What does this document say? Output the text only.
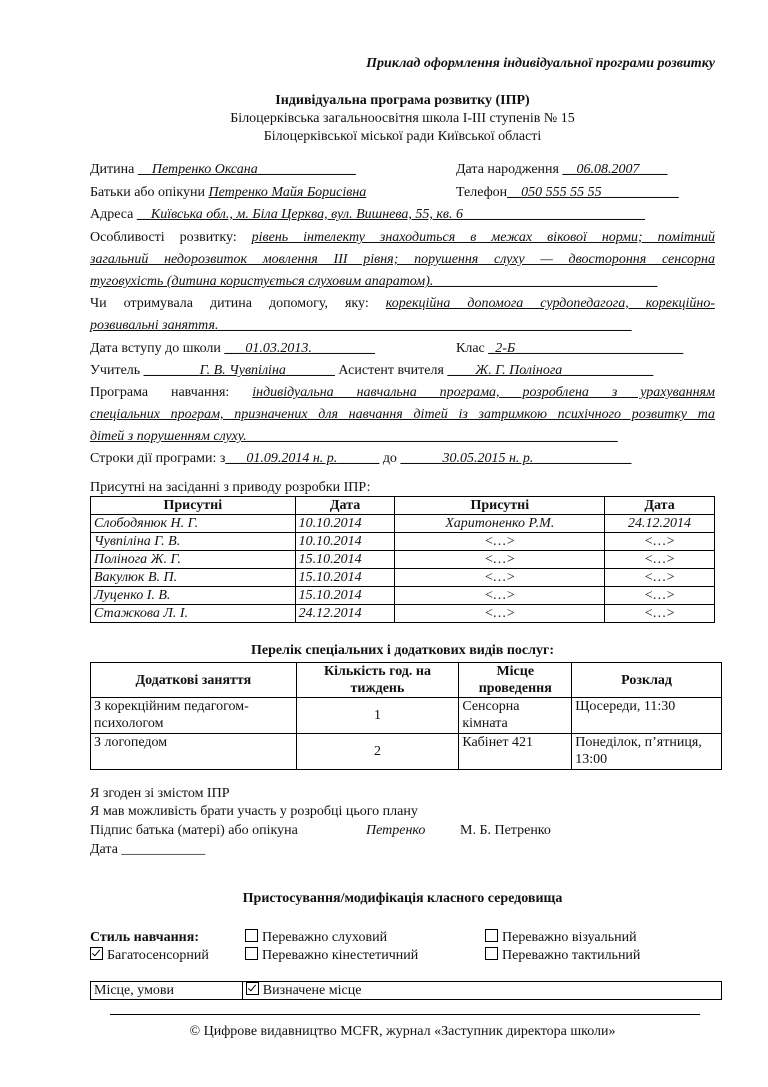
Приклад оформлення індивідуальної програми розвитку
Індивідуальна програма розвитку (ІПР)
Білоцерківська загальноосвітня школа І-ІІІ ступенів № 15
Білоцерківської міської ради Київської області
Дитина Петренко Оксана______________	Дата народження __06.08.2007____
Батьки або опікуни Петренко Майя Борисівна	Телефон__050 555 55 55___________
Адреса __Київська обл., м. Біла Церква, вул. Вишнева, 55, кв. 6__________________________
Особливості розвитку: рівень інтелекту знаходиться в межах вікової норми; помітний
загальний недорозвиток мовлення ІІІ рівня; порушення слуху — двостороння сенсорна
туговухість (дитина користується слуховим апаратом).________________________________
Чи отримувала дитина допомогу, яку: корекційна допомога сурдопедагога, корекційно-
розвивальні заняття.___________________________________________________________
Дата вступу до школи ___01.03.2013._________	Клас _2-Б________________________
Учитель ________Г. В. Чувпіліна_______ Асистент вчителя ____Ж. Г. Полінога_____________
Програма навчання: індивідуальна навчальна програма, розроблена з урахуванням
спеціальних програм, призначених для навчання дітей із затримкою психічного розвитку та
дітей з порушенням слуху._____________________________________________________
Строки дії програми: з___01.09.2014 н. р.______ до ______30.05.2015 н. р.______________
Присутні на засіданні з приводу розробки ІПР:
Присутні	Дата	Присутні	Дата
Слободянюк Н. Г.	10.10.2014	Харитоненко Р.М.	24.12.2014
Чувпіліна Г. В.	10.10.2014	<…>	<…>
Полінога Ж. Г.	15.10.2014	<…>	<…>
Вакулюк В. П.	15.10.2014	<…>	<…>
Луценко І. В.	15.10.2014	<…>	<…>
Стажкова Л. І.	24.12.2014	<…>	<…>
Перелік спеціальних і додаткових видів послуг:
Додаткові заняття	Кількість год. на тиждень	Місце проведення	Розклад
З корекційним педагогом-психологом	1	Сенсорна кімната	Щосереди, 11:30
З логопедом	2	Кабінет 421	Понеділок, п’ятниця, 13:00
Я згоден зі змістом ІПР
Я мав можливість брати участь у розробці цього плану
Підпис батька (матері) або опікуна	Петренко М. Б. Петренко
Дата ____________
Пристосування/модифікація класного середовища
Стиль навчання:	Переважно слуховий	Переважно візуальний
Багатосенсорний	Переважно кінестетичний	Переважно тактильний
Місце, умови	Визначене місце
© Цифрове видавництво MCFR, журнал «Заступник директора школи»
